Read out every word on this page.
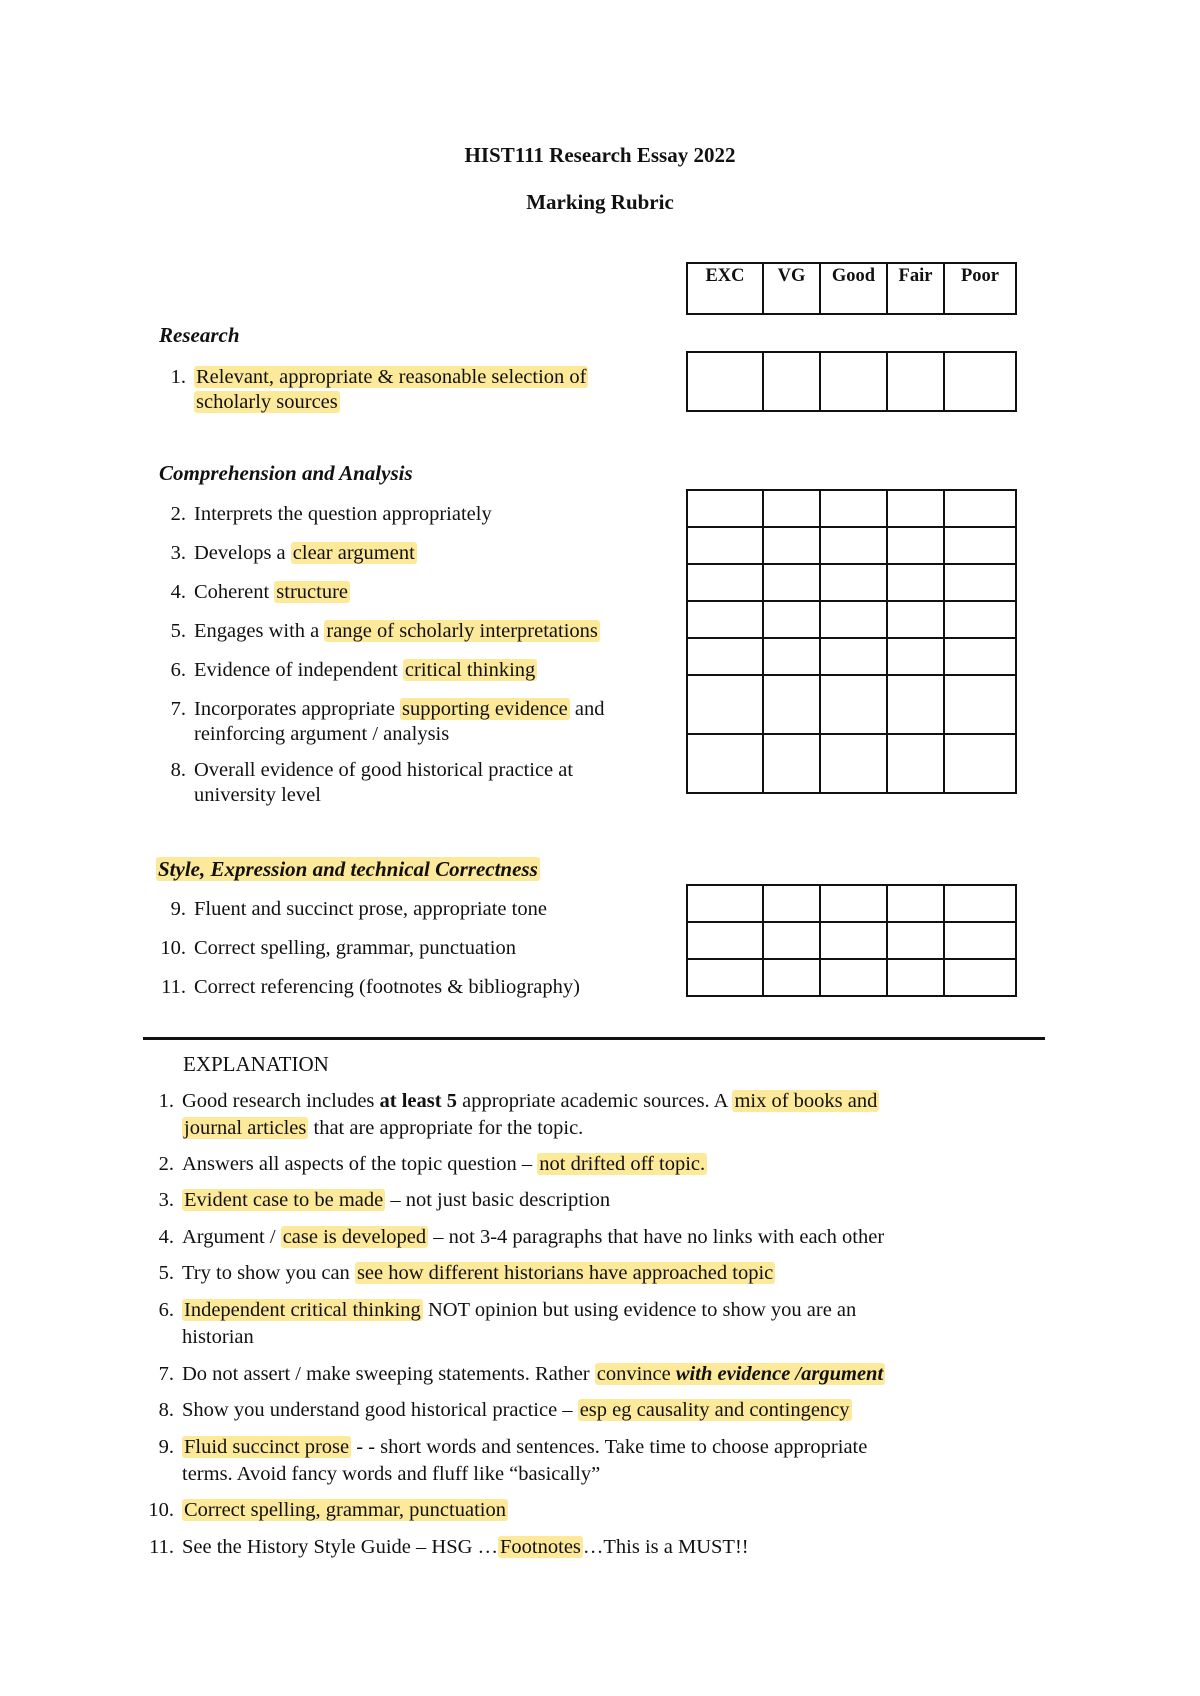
HIST111 Research Essay 2022
Marking Rubric
EXC	VG	Good	Fair	Poor
Research
1. Relevant, appropriate & reasonable selection of
scholarly sources

Comprehension and Analysis
2. Interprets the question appropriately
3. Develops a clear argument
4. Coherent structure
5. Engages with a range of scholarly interpretations
6. Evidence of independent critical thinking
7. Incorporates appropriate supporting evidence and
reinforcing argument / analysis
8. Overall evidence of good historical practice at
university level

Style, Expression and technical Correctness
9. Fluent and succinct prose, appropriate tone
10. Correct spelling, grammar, punctuation
11. Correct referencing (footnotes & bibliography)

EXPLANATION
1. Good research includes at least 5 appropriate academic sources. A mix of books and
journal articles that are appropriate for the topic.
2. Answers all aspects of the topic question – not drifted off topic.
3. Evident case to be made – not just basic description
4. Argument / case is developed – not 3-4 paragraphs that have no links with each other
5. Try to show you can see how different historians have approached topic
6. Independent critical thinking NOT opinion but using evidence to show you are an
historian
7. Do not assert / make sweeping statements. Rather convince with evidence /argument
8. Show you understand good historical practice – esp eg causality and contingency
9. Fluid succinct prose - - short words and sentences. Take time to choose appropriate
terms. Avoid fancy words and fluff like “basically”
10. Correct spelling, grammar, punctuation
11. See the History Style Guide – HSG …Footnotes…This is a MUST!!
